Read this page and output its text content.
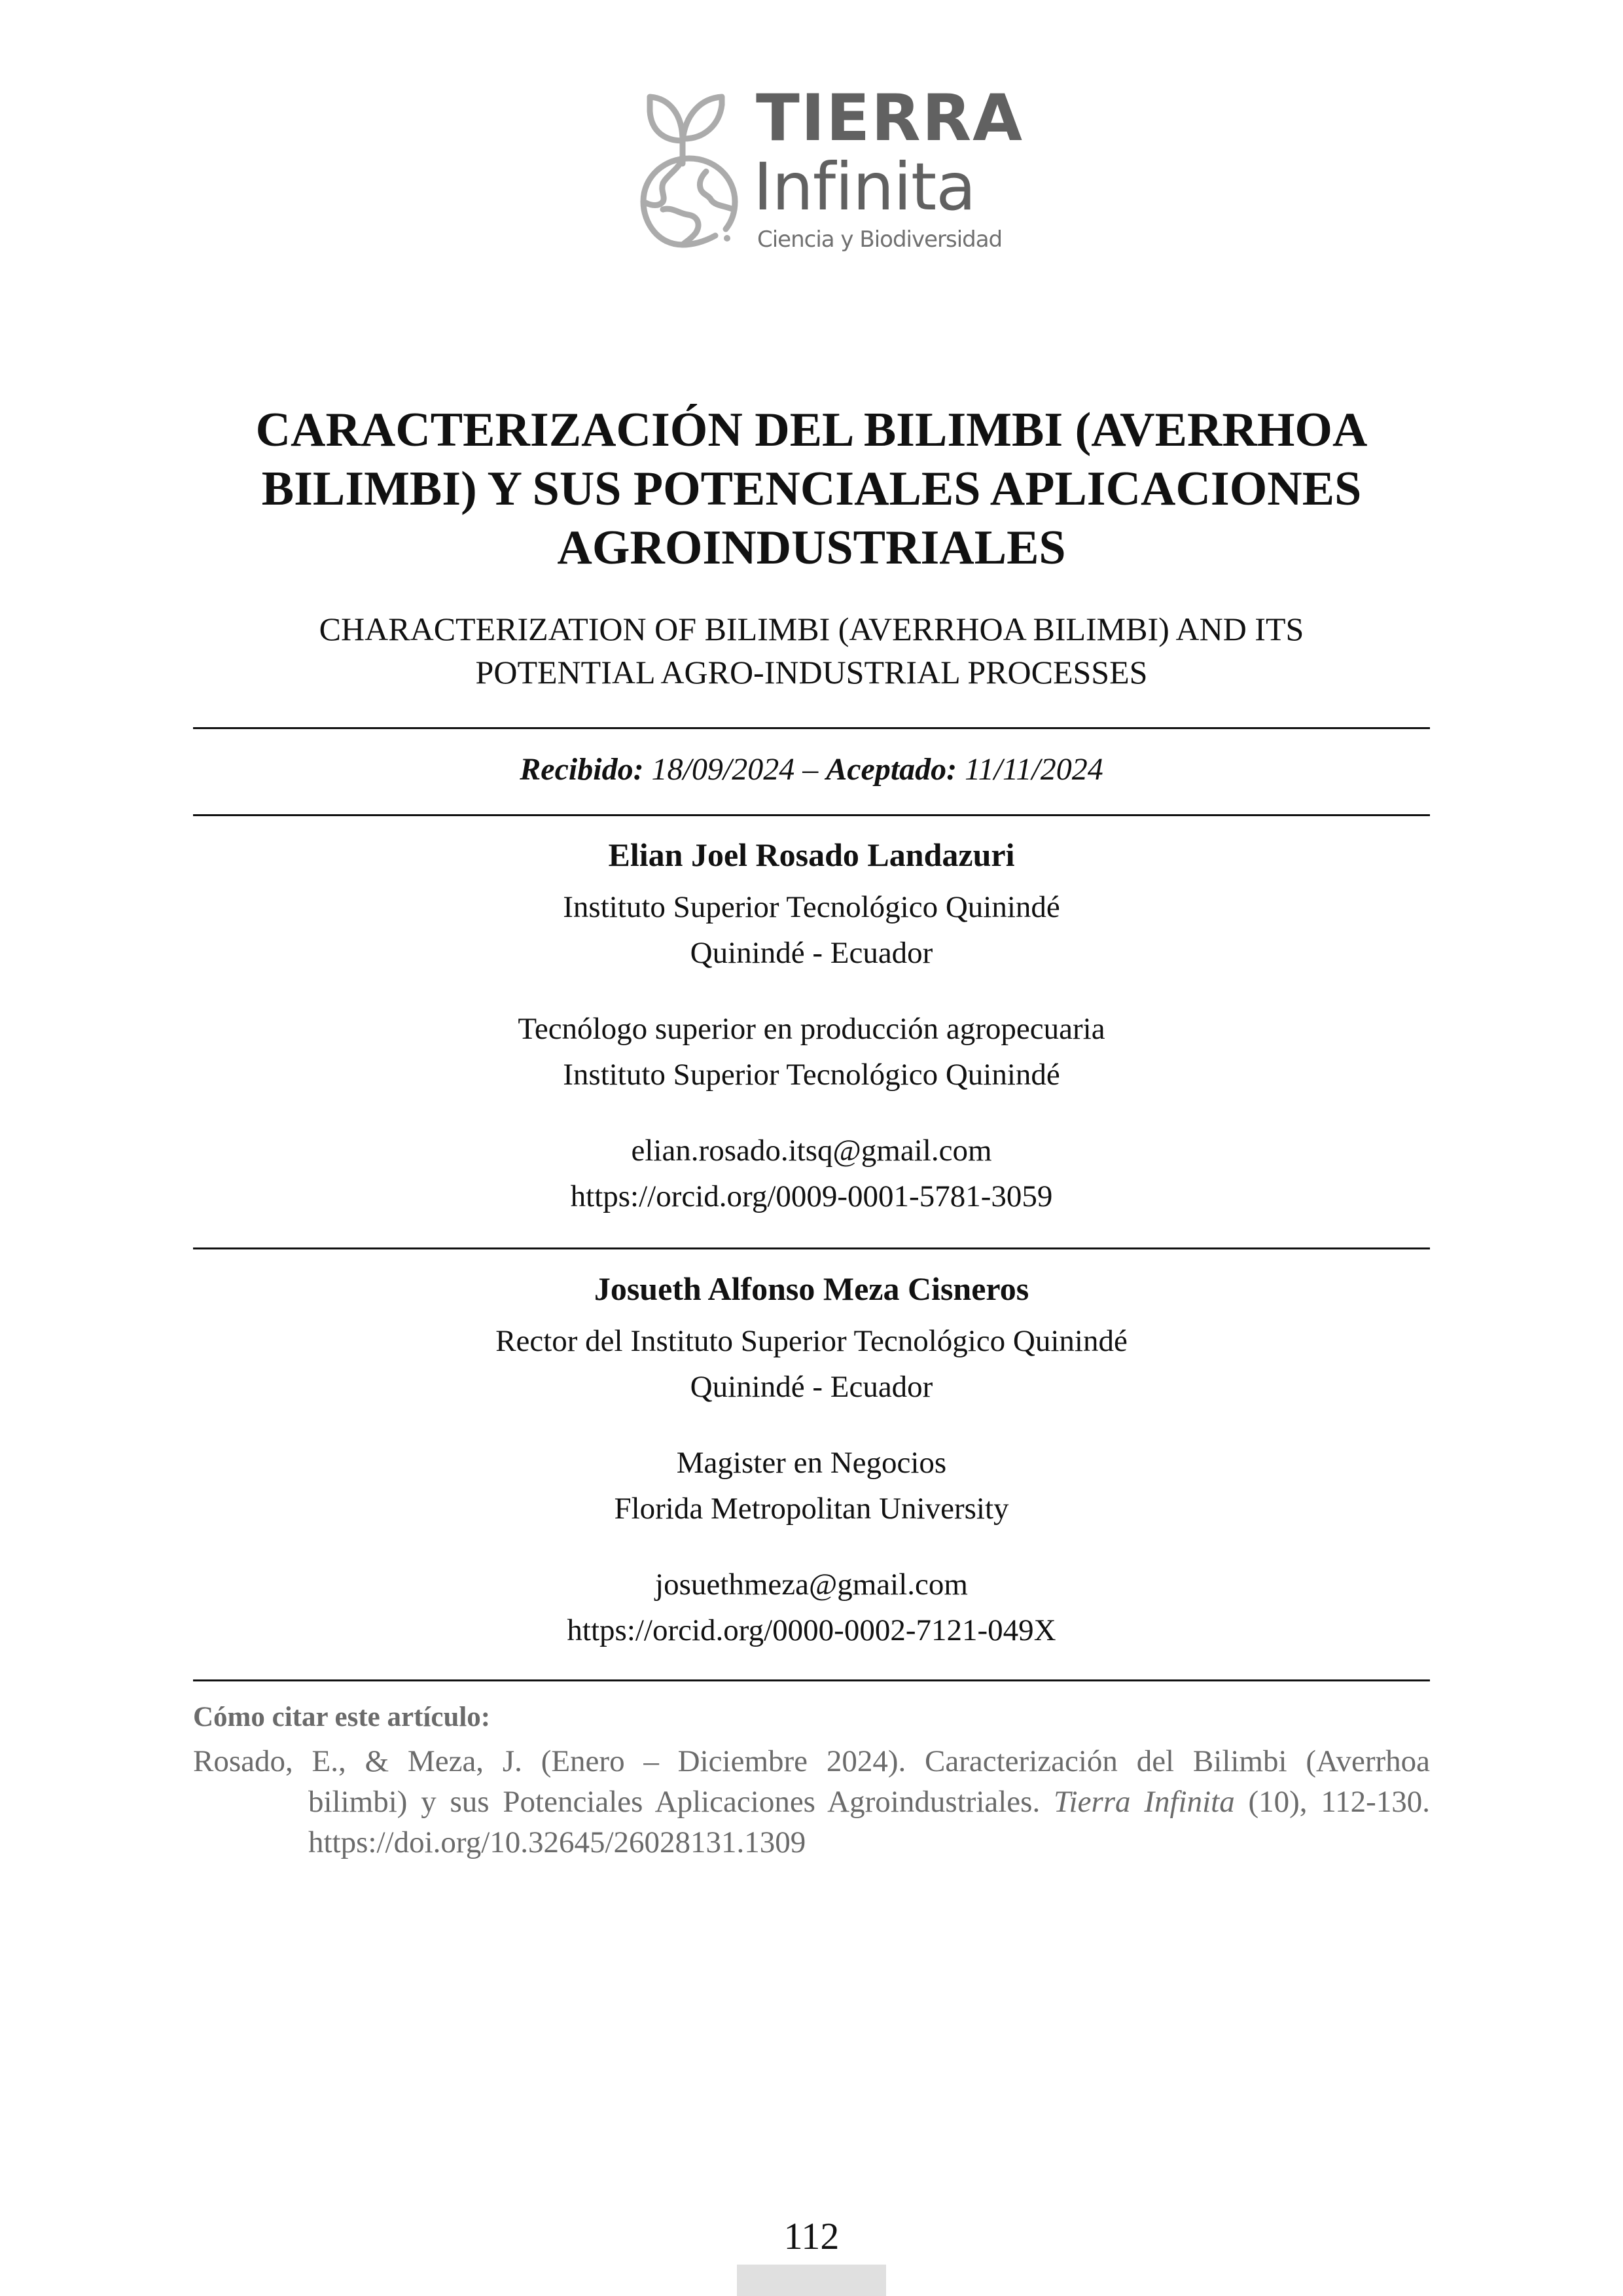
TIERRA
Infinita
Ciencia y Biodiversidad
CARACTERIZACIÓN DEL BILIMBI (AVERRHOA
BILIMBI) Y SUS POTENCIALES APLICACIONES
AGROINDUSTRIALES
CHARACTERIZATION OF BILIMBI (AVERRHOA BILIMBI) AND ITS
POTENTIAL AGRO-INDUSTRIAL PROCESSES
Recibido: 18/09/2024 – Aceptado: 11/11/2024
Elian Joel Rosado Landazuri
Instituto Superior Tecnológico Quinindé
Quinindé - Ecuador
Tecnólogo superior en producción agropecuaria
Instituto Superior Tecnológico Quinindé
elian.rosado.itsq@gmail.com
https://orcid.org/0009-0001-5781-3059
Josueth Alfonso Meza Cisneros
Rector del Instituto Superior Tecnológico Quinindé
Quinindé - Ecuador
Magister en Negocios
Florida Metropolitan University
josuethmeza@gmail.com
https://orcid.org/0000-0002-7121-049X
Cómo citar este artículo:
Rosado, E., & Meza, J. (Enero – Diciembre 2024). Caracterización del Bilimbi (Averrhoa
bilimbi) y sus Potenciales Aplicaciones Agroindustriales. Tierra Infinita (10), 112-130.
https://doi.org/10.32645/26028131.1309
112
